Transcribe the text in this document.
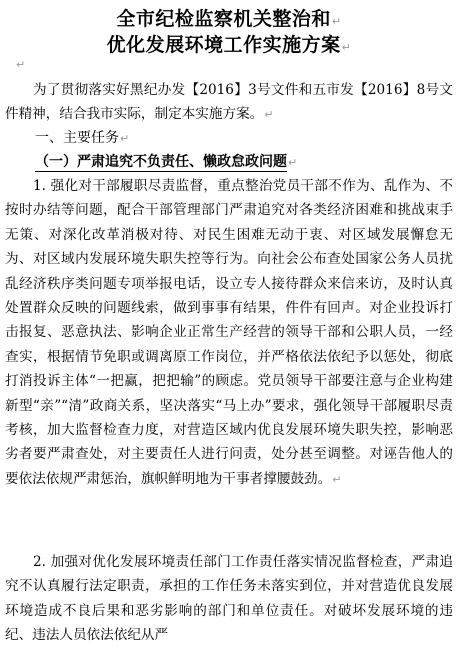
全市纪检监察机关整治和↵
优化发展环境工作实施方案↵
↵
为了贯彻落实好黑纪办发【2016】3号文件和五市发【2016】8号文件精神，结合我市实际，制定本实施方案。↵
一、主要任务↵
（一）严肃追究不负责任、懒政怠政问题↵
1. 强化对干部履职尽责监督，重点整治党员干部不作为、乱作为、不按时办结等问题，配合干部管理部门严肃追究对各类经济困难和挑战束手无策、对深化改革消极对待、对民生困难无动于衷、对区域发展懈怠无为、对区域内发展环境失职失控等行为。向社会公布查处国家公务人员扰乱经济秩序类问题专项举报电话，设立专人接待群众来信来访，及时认真处置群众反映的问题线索，做到事事有结果，件件有回声。对企业投诉打击报复、恶意执法、影响企业正常生产经营的领导干部和公职人员，一经查实，根据情节免职或调离原工作岗位，并严格依法依纪予以惩处，彻底打消投诉主体“一把赢，把把输”的顾虑。党员领导干部要注意与企业构建新型“亲”“清”政商关系，坚决落实“马上办”要求，强化领导干部履职尽责考核，加大监督检查力度，对营造区域内优良发展环境失职失控，影响恶劣者要严肃查处，对主要责任人进行问责，处分甚至调整。对诬告他人的要依法依规严肃惩治，旗帜鲜明地为干事者撑腰鼓劲。↵
2. 加强对优化发展环境责任部门工作责任落实情况监督检查，严肃追究不认真履行法定职责，承担的工作任务未落实到位，并对营造优良发展环境造成不良后果和恶劣影响的部门和单位责任。对破坏发展环境的违纪、违法人员依法依纪从严
